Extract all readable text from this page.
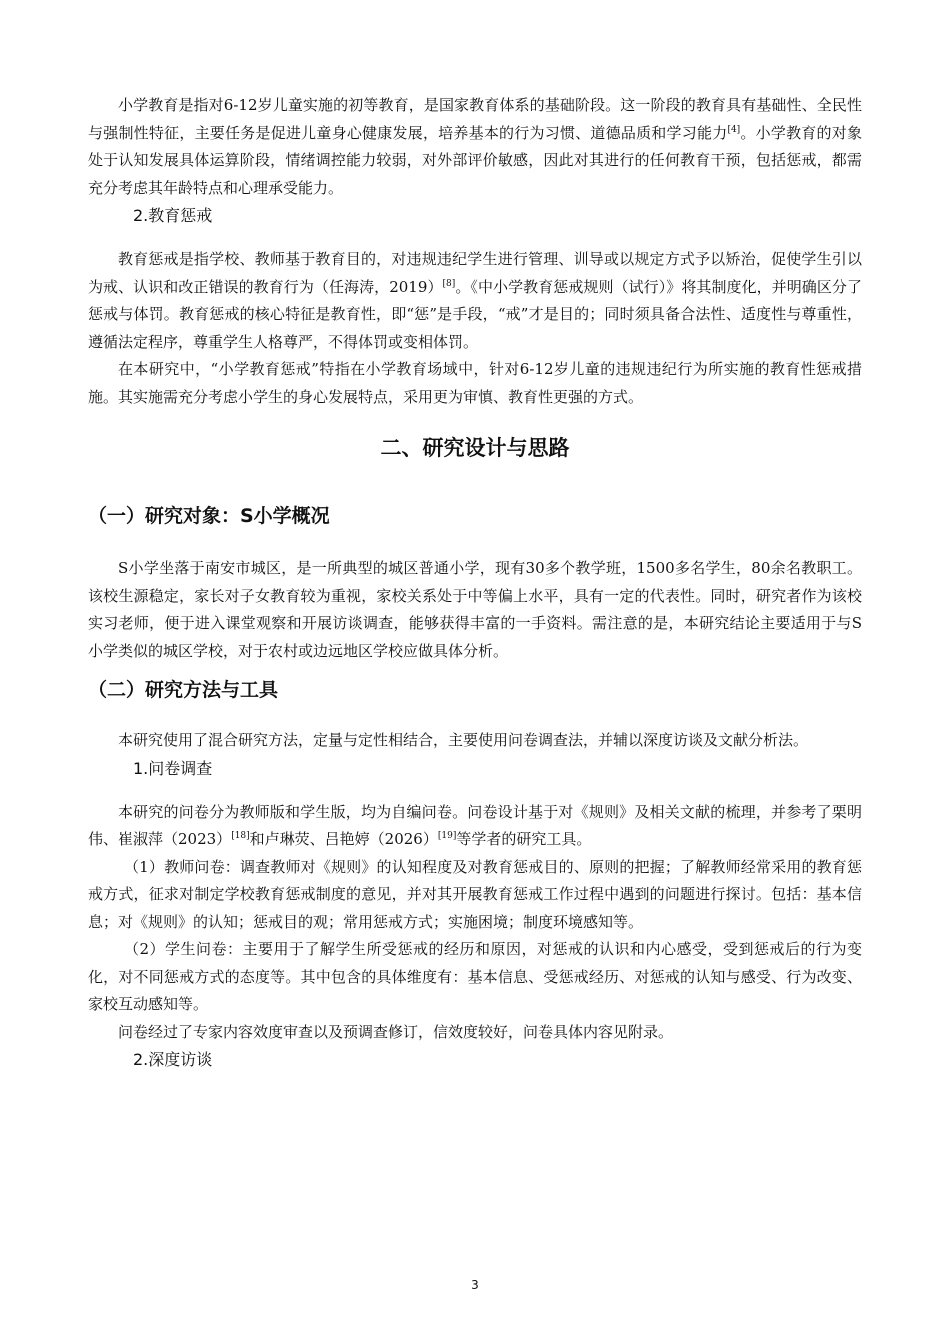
小学教育是指对6-12岁儿童实施的初等教育，是国家教育体系的基础阶段。这一阶段的教育具有基础性、全民性与强制性特征，主要任务是促进儿童身心健康发展，培养基本的行为习惯、道德品质和学习能力[4]。小学教育的对象处于认知发展具体运算阶段，情绪调控能力较弱，对外部评价敏感，因此对其进行的任何教育干预，包括惩戒，都需充分考虑其年龄特点和心理承受能力。

2.教育惩戒

教育惩戒是指学校、教师基于教育目的，对违规违纪学生进行管理、训导或以规定方式予以矫治，促使学生引以为戒、认识和改正错误的教育行为（任海涛，2019）[8]。《中小学教育惩戒规则（试行）》将其制度化，并明确区分了惩戒与体罚。教育惩戒的核心特征是教育性，即“惩”是手段，“戒”才是目的；同时须具备合法性、适度性与尊重性，遵循法定程序，尊重学生人格尊严，不得体罚或变相体罚。

在本研究中，“小学教育惩戒”特指在小学教育场域中，针对6-12岁儿童的违规违纪行为所实施的教育性惩戒措施。其实施需充分考虑小学生的身心发展特点，采用更为审慎、教育性更强的方式。

二、研究设计与思路
（一）研究对象：S小学概况

S小学坐落于南安市城区，是一所典型的城区普通小学，现有30多个教学班，1500多名学生，80余名教职工。该校生源稳定，家长对子女教育较为重视，家校关系处于中等偏上水平，具有一定的代表性。同时，研究者作为该校实习老师，便于进入课堂观察和开展访谈调查，能够获得丰富的一手资料。需注意的是，本研究结论主要适用于与S小学类似的城区学校，对于农村或边远地区学校应做具体分析。

（二）研究方法与工具

本研究使用了混合研究方法，定量与定性相结合，主要使用问卷调查法，并辅以深度访谈及文献分析法。

1.问卷调查

本研究的问卷分为教师版和学生版，均为自编问卷。问卷设计基于对《规则》及相关文献的梳理，并参考了栗明伟、崔淑萍（2023）[18]和卢琳荧、吕艳婷（2026）[19]等学者的研究工具。

（1）教师问卷：调查教师对《规则》的认知程度及对教育惩戒目的、原则的把握；了解教师经常采用的教育惩戒方式，征求对制定学校教育惩戒制度的意见，并对其开展教育惩戒工作过程中遇到的问题进行探讨。包括：基本信息；对《规则》的认知；惩戒目的观；常用惩戒方式；实施困境；制度环境感知等。

（2）学生问卷：主要用于了解学生所受惩戒的经历和原因，对惩戒的认识和内心感受，受到惩戒后的行为变化，对不同惩戒方式的态度等。其中包含的具体维度有：基本信息、受惩戒经历、对惩戒的认知与感受、行为改变、家校互动感知等。

问卷经过了专家内容效度审查以及预调查修订，信效度较好，问卷具体内容见附录。

2.深度访谈
3
